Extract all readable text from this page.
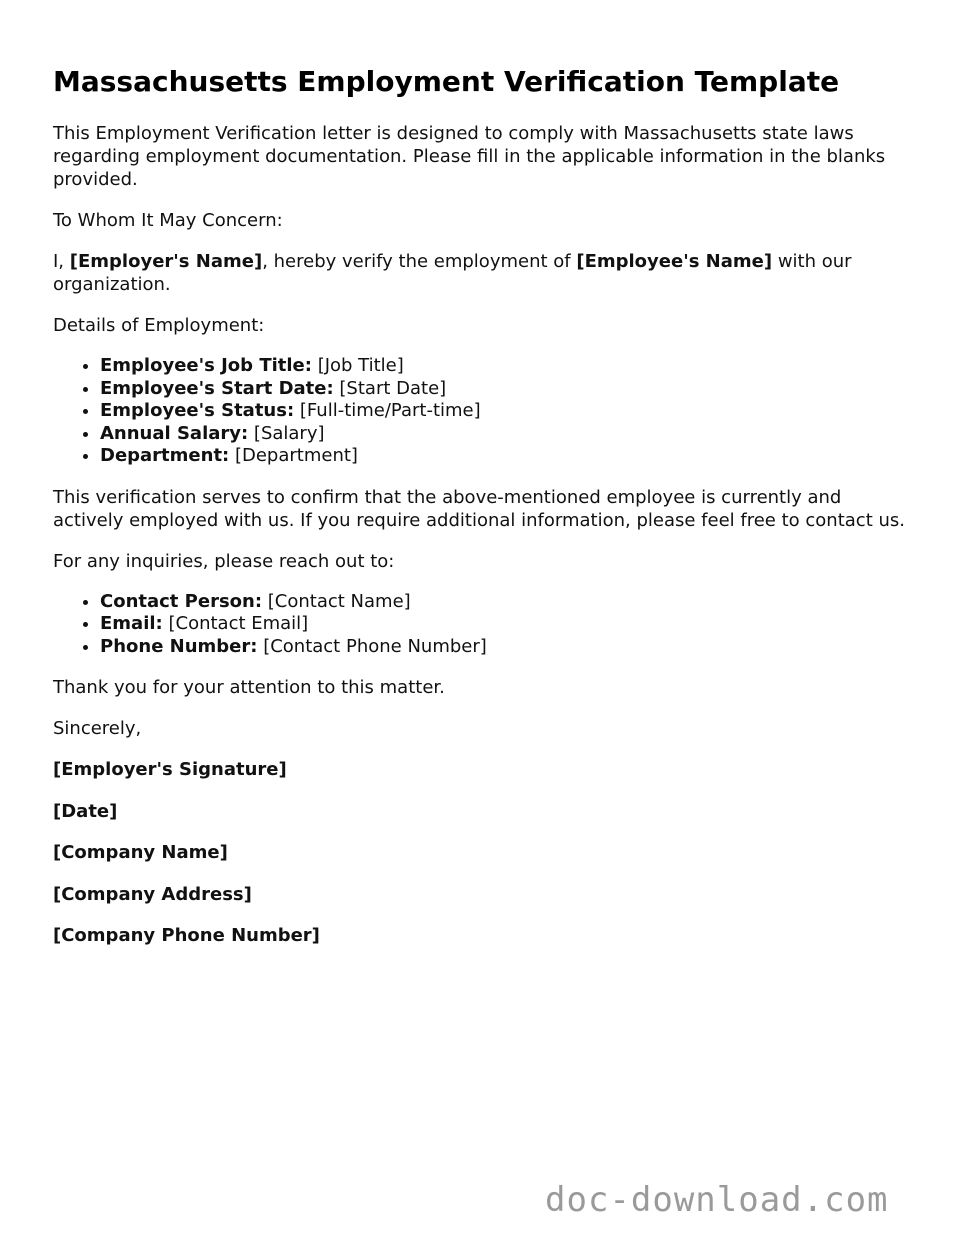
Massachusetts Employment Verification Template

This Employment Verification letter is designed to comply with Massachusetts state laws regarding employment documentation. Please fill in the applicable information in the blanks provided.

To Whom It May Concern:

I, [Employer's Name], hereby verify the employment of [Employee's Name] with our organization.

Details of Employment:

• Employee's Job Title: [Job Title]
• Employee's Start Date: [Start Date]
• Employee's Status: [Full-time/Part-time]
• Annual Salary: [Salary]
• Department: [Department]

This verification serves to confirm that the above-mentioned employee is currently and actively employed with us. If you require additional information, please feel free to contact us.

For any inquiries, please reach out to:

• Contact Person: [Contact Name]
• Email: [Contact Email]
• Phone Number: [Contact Phone Number]

Thank you for your attention to this matter.

Sincerely,

[Employer's Signature]
[Date]
[Company Name]
[Company Address]
[Company Phone Number]
doc-download.com
